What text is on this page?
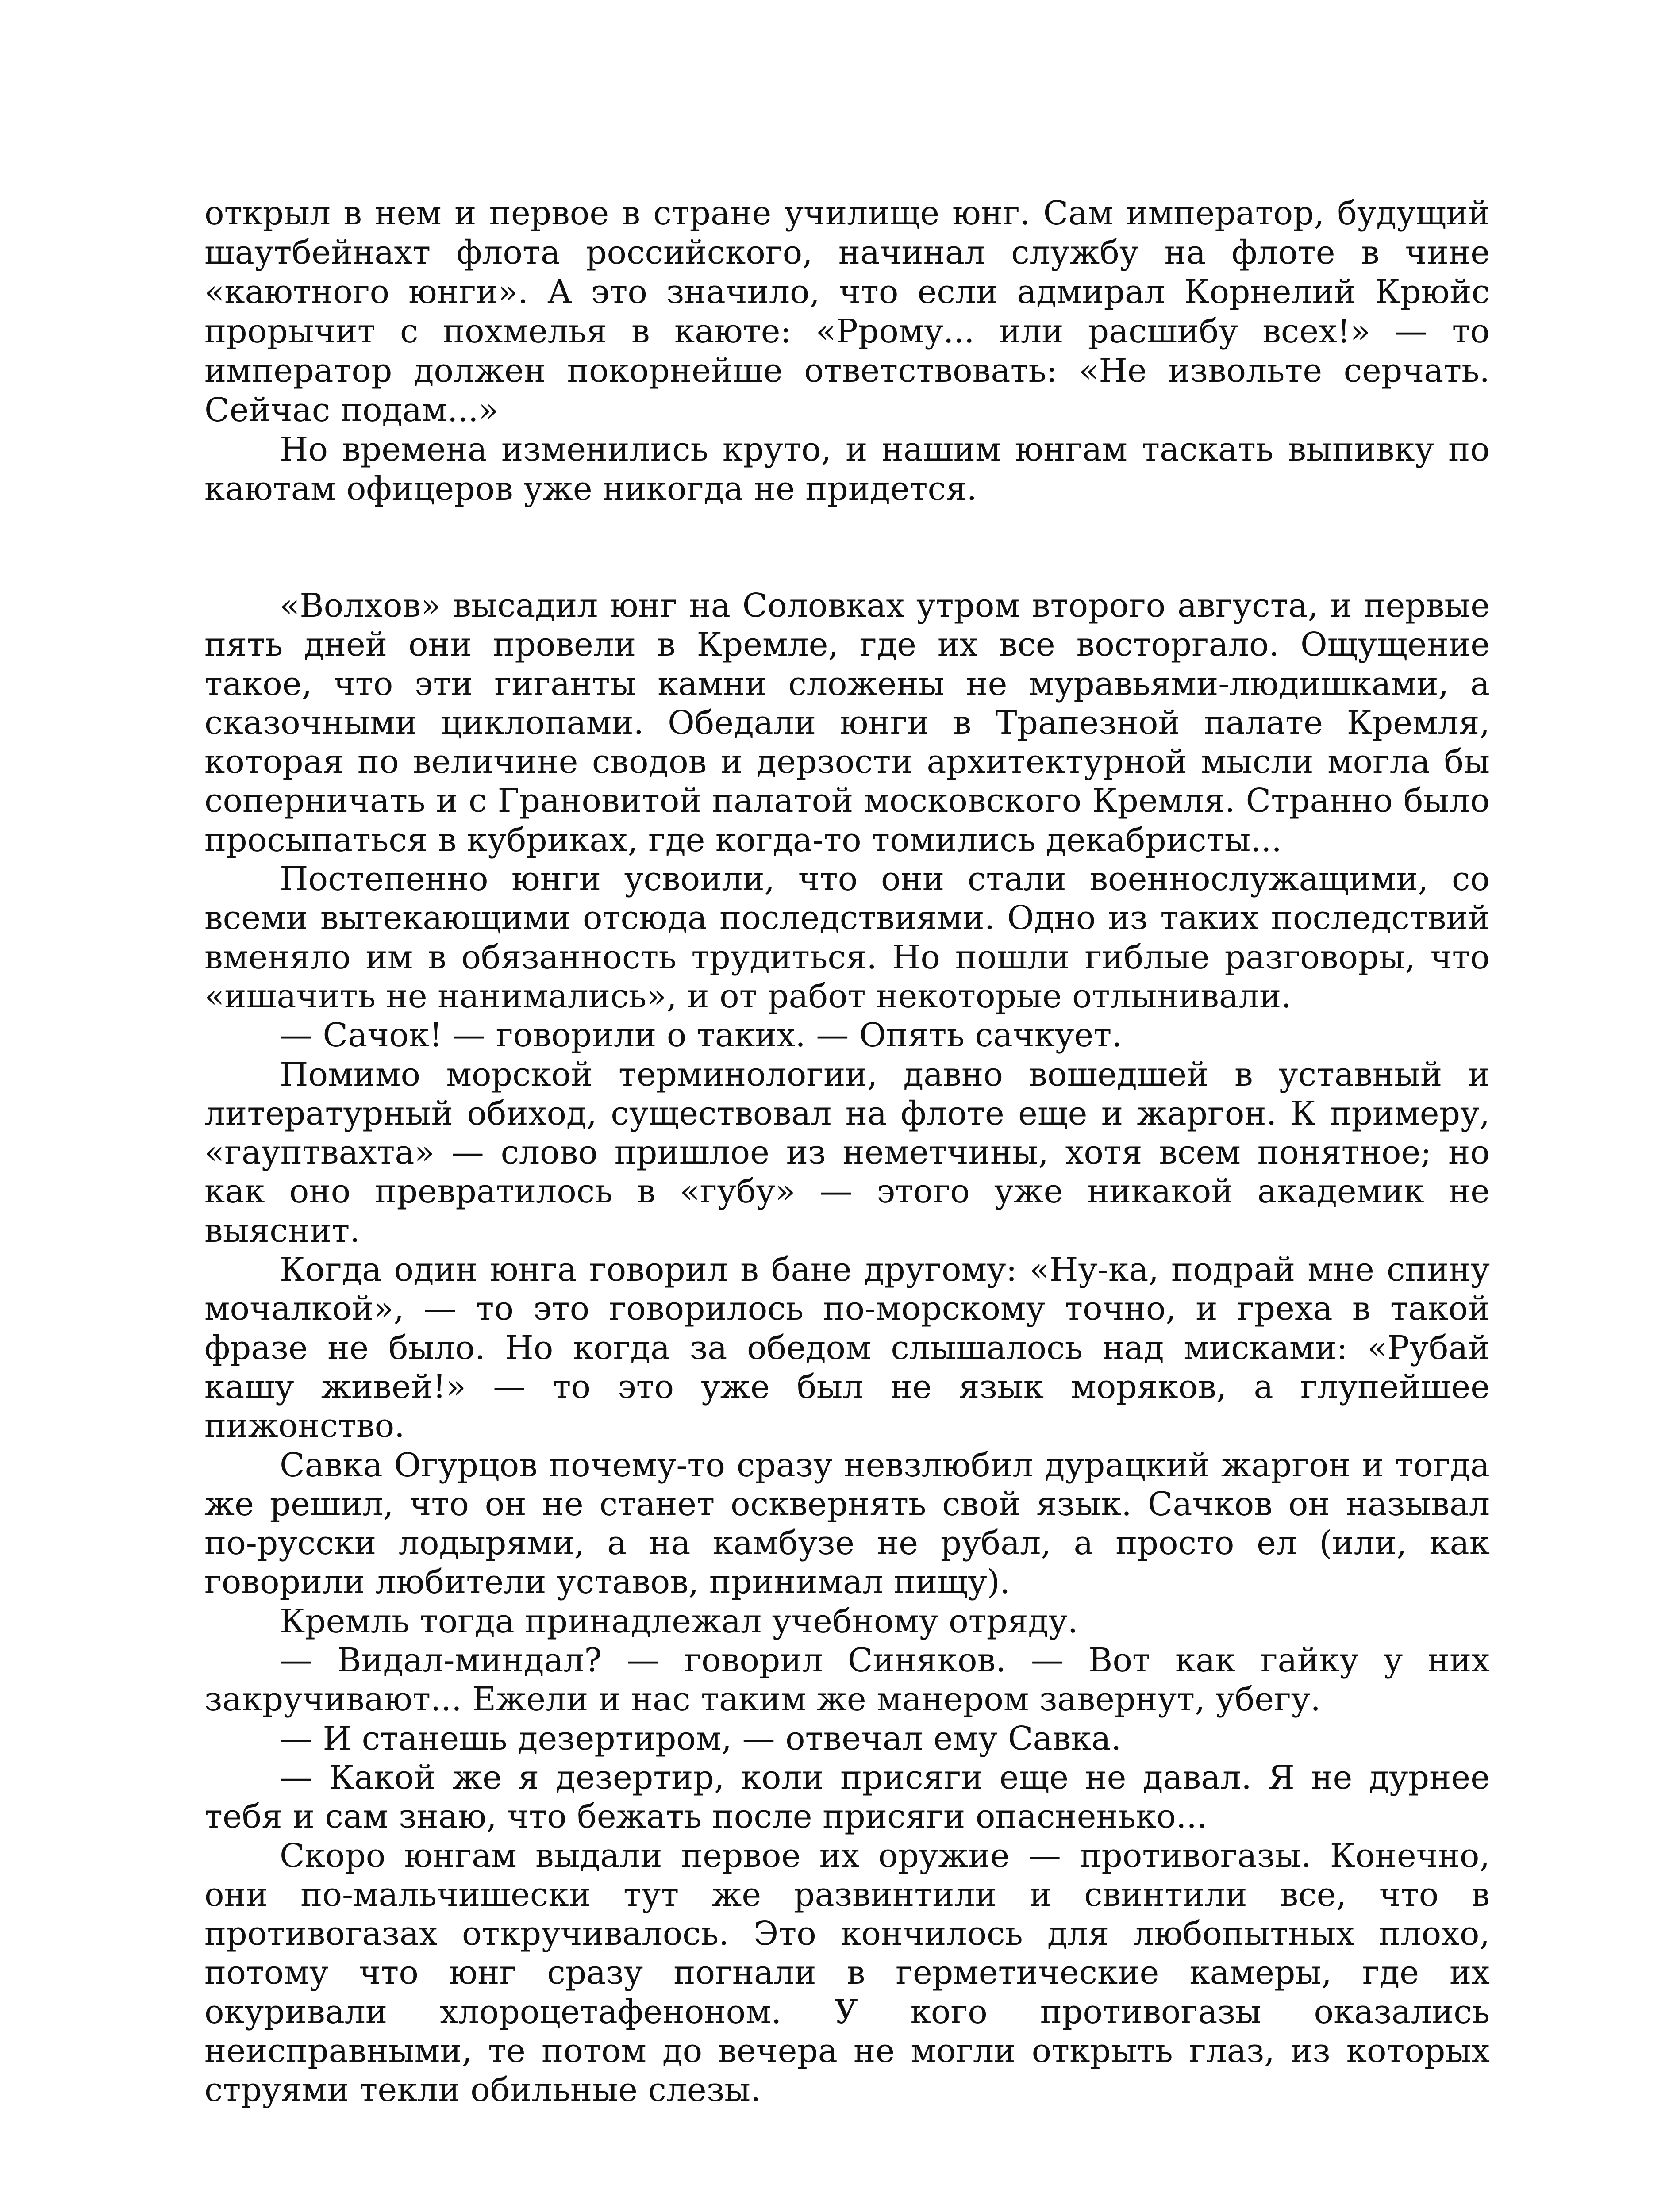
открыл в нем и первое в стране училище юнг. Сам император, будущий шаутбейнахт флота российского, начинал службу на флоте в чине «каютного юнги». А это значило, что если адмирал Корнелий Крюйс прорычит с похмелья в каюте: «Ррому... или расшибу всех!» — то император должен покорнейше ответствовать: «Не извольте серчать. Сейчас подам...»

Но времена изменились круто, и нашим юнгам таскать выпивку по каютам офицеров уже никогда не придется.

«Волхов» высадил юнг на Соловках утром второго августа, и первые пять дней они провели в Кремле, где их все восторгало. Ощущение такое, что эти гиганты камни сложены не муравьями-людишками, а сказочными циклопами. Обедали юнги в Трапезной палате Кремля, которая по величине сводов и дерзости архитектурной мысли могла бы соперничать и с Грановитой палатой московского Кремля. Странно было просыпаться в кубриках, где когда-то томились декабристы...

Постепенно юнги усвоили, что они стали военнослужащими, со всеми вытекающими отсюда последствиями. Одно из таких последствий вменяло им в обязанность трудиться. Но пошли гиблые разговоры, что «ишачить не нанимались», и от работ некоторые отлынивали.

— Сачок! — говорили о таких. — Опять сачкует.

Помимо морской терминологии, давно вошедшей в уставный и литературный обиход, существовал на флоте еще и жаргон. К примеру, «гауптвахта» — слово пришлое из неметчины, хотя всем понятное; но как оно превратилось в «губу» — этого уже никакой академик не выяснит.

Когда один юнга говорил в бане другому: «Ну-ка, подрай мне спину мочалкой», — то это говорилось по-морскому точно, и греха в такой фразе не было. Но когда за обедом слышалось над мисками: «Рубай кашу живей!» — то это уже был не язык моряков, а глупейшее пижонство.

Савка Огурцов почему-то сразу невзлюбил дурацкий жаргон и тогда же решил, что он не станет осквернять свой язык. Сачков он называл по-русски лодырями, а на камбузе не рубал, а просто ел (или, как говорили любители уставов, принимал пищу).

Кремль тогда принадлежал учебному отряду.

— Видал-миндал? — говорил Синяков. — Вот как гайку у них закручивают... Ежели и нас таким же манером завернут, убегу.

— И станешь дезертиром, — отвечал ему Савка.

— Какой же я дезертир, коли присяги еще не давал. Я не дурнее тебя и сам знаю, что бежать после присяги опасненько...

Скоро юнгам выдали первое их оружие — противогазы. Конечно, они по-мальчишески тут же развинтили и свинтили все, что в противогазах откручивалось. Это кончилось для любопытных плохо, потому что юнг сразу погнали в герметические камеры, где их окуривали хлороцетафеноном. У кого противогазы оказались неисправными, те потом до вечера не могли открыть глаз, из которых струями текли обильные слезы.
